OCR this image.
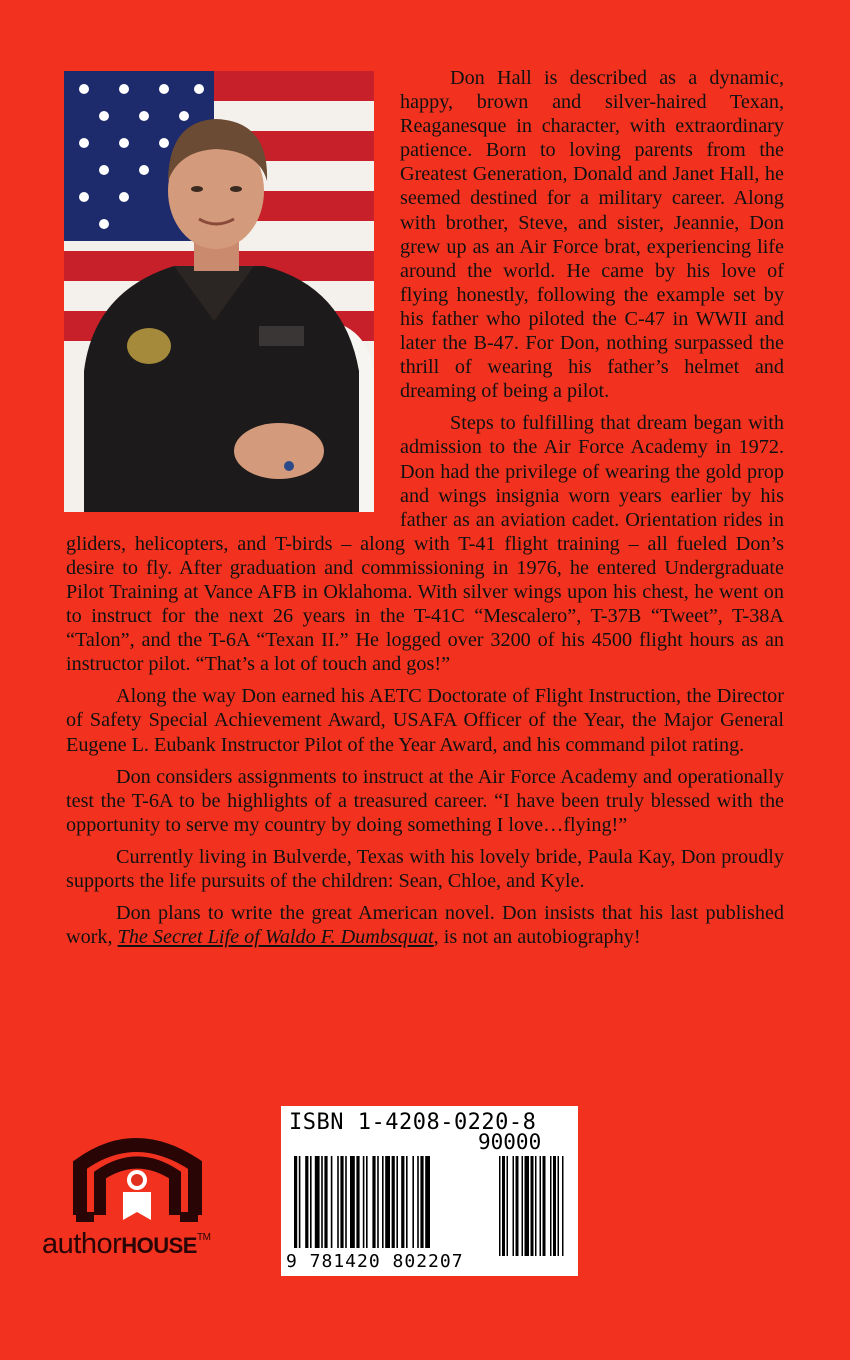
Don Hall is described as a dynamic, happy, brown and silver-haired Texan, Reaganesque in character, with extraordinary patience. Born to loving parents from the Greatest Generation, Donald and Janet Hall, he seemed destined for a military career. Along with brother, Steve, and sister, Jeannie, Don grew up as an Air Force brat, experiencing life around the world. He came by his love of flying honestly, following the example set by his father who piloted the C-47 in WWII and later the B-47. For Don, nothing surpassed the thrill of wearing his father’s helmet and dreaming of being a pilot.

Steps to fulfilling that dream began with admission to the Air Force Academy in 1972. Don had the privilege of wearing the gold prop and wings insignia worn years earlier by his father as an aviation cadet. Orientation rides in gliders, helicopters, and T-birds – along with T-41 flight training – all fueled Don’s desire to fly. After graduation and commissioning in 1976, he entered Undergraduate Pilot Training at Vance AFB in Oklahoma. With silver wings upon his chest, he went on to instruct for the next 26 years in the T-41C “Mescalero”, T-37B “Tweet”, T-38A “Talon”, and the T-6A “Texan II.” He logged over 3200 of his 4500 flight hours as an instructor pilot. “That’s a lot of touch and gos!”

Along the way Don earned his AETC Doctorate of Flight Instruction, the Director of Safety Special Achievement Award, USAFA Officer of the Year, the Major General Eugene L. Eubank Instructor Pilot of the Year Award, and his command pilot rating.

Don considers assignments to instruct at the Air Force Academy and operationally test the T-6A to be highlights of a treasured career. “I have been truly blessed with the opportunity to serve my country by doing something I love…flying!”

Currently living in Bulverde, Texas with his lovely bride, Paula Kay, Don proudly supports the life pursuits of the children: Sean, Chloe, and Kyle.

Don plans to write the great American novel. Don insists that his last published work, The Secret Life of Waldo F. Dumbsquat, is not an autobiography!

authorHOUSE™
ISBN 1-4208-0220-8
90000
9 781420 802207
